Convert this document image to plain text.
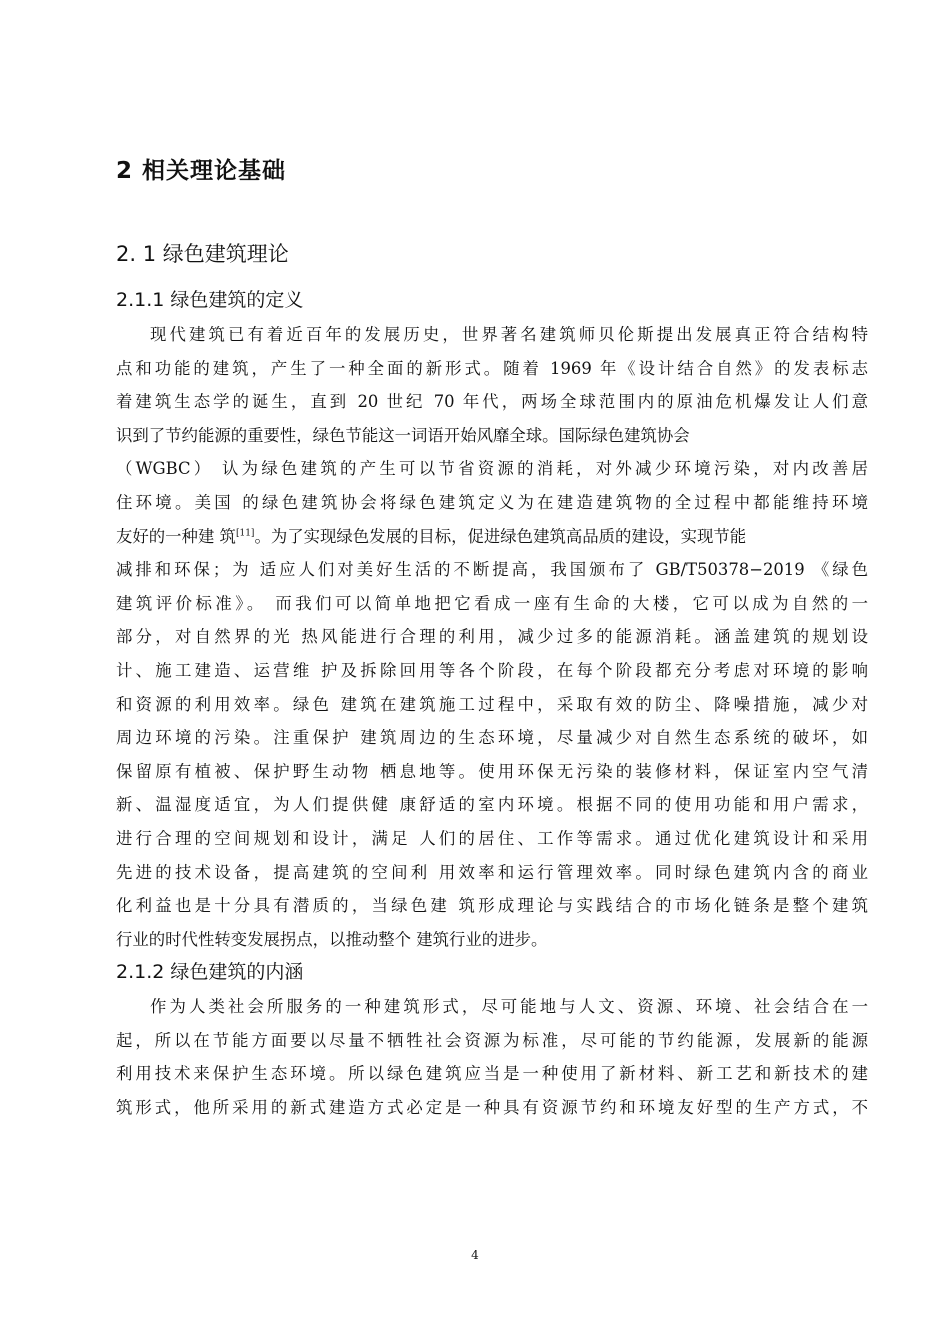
2 相关理论基础
2. 1 绿色建筑理论
2.1.1 绿色建筑的定义
现代建筑已有着近百年的发展历史，世界著名建筑师贝伦斯提出发展真正符合结构特
点和功能的建筑，产生了一种全面的新形式。随着 1969 年《设计结合自然》的发表标志
着建筑生态学的诞生，直到 20 世纪 70 年代，两场全球范围内的原油危机爆发让人们意
识到了节约能源的重要性，绿色节能这一词语开始风靡全球。国际绿色建筑协会
（WGBC） 认为绿色建筑的产生可以节省资源的消耗，对外减少环境污染，对内改善居
住环境。美国 的绿色建筑协会将绿色建筑定义为在建造建筑物的全过程中都能维持环境
友好的一种建 筑[11]。为了实现绿色发展的目标，促进绿色建筑高品质的建设，实现节能
减排和环保；为 适应人们对美好生活的不断提高，我国颁布了 GB/T50378−2019 《绿色
建筑评价标准》。 而我们可以简单地把它看成一座有生命的大楼，它可以成为自然的一
部分，对自然界的光 热风能进行合理的利用，减少过多的能源消耗。涵盖建筑的规划设
计、施工建造、运营维 护及拆除回用等各个阶段，在每个阶段都充分考虑对环境的影响
和资源的利用效率。绿色 建筑在建筑施工过程中，采取有效的防尘、降噪措施，减少对
周边环境的污染。注重保护 建筑周边的生态环境，尽量减少对自然生态系统的破坏，如
保留原有植被、保护野生动物 栖息地等。使用环保无污染的装修材料，保证室内空气清
新、温湿度适宜，为人们提供健 康舒适的室内环境。根据不同的使用功能和用户需求，
进行合理的空间规划和设计，满足 人们的居住、工作等需求。通过优化建筑设计和采用
先进的技术设备，提高建筑的空间利 用效率和运行管理效率。同时绿色建筑内含的商业
化利益也是十分具有潜质的，当绿色建 筑形成理论与实践结合的市场化链条是整个建筑
行业的时代性转变发展拐点，以推动整个 建筑行业的进步。
2.1.2 绿色建筑的内涵
作为人类社会所服务的一种建筑形式，尽可能地与人文、资源、环境、社会结合在一
起，所以在节能方面要以尽量不牺牲社会资源为标准，尽可能的节约能源，发展新的能源
利用技术来保护生态环境。所以绿色建筑应当是一种使用了新材料、新工艺和新技术的建
筑形式，他所采用的新式建造方式必定是一种具有资源节约和环境友好型的生产方式，不
4
